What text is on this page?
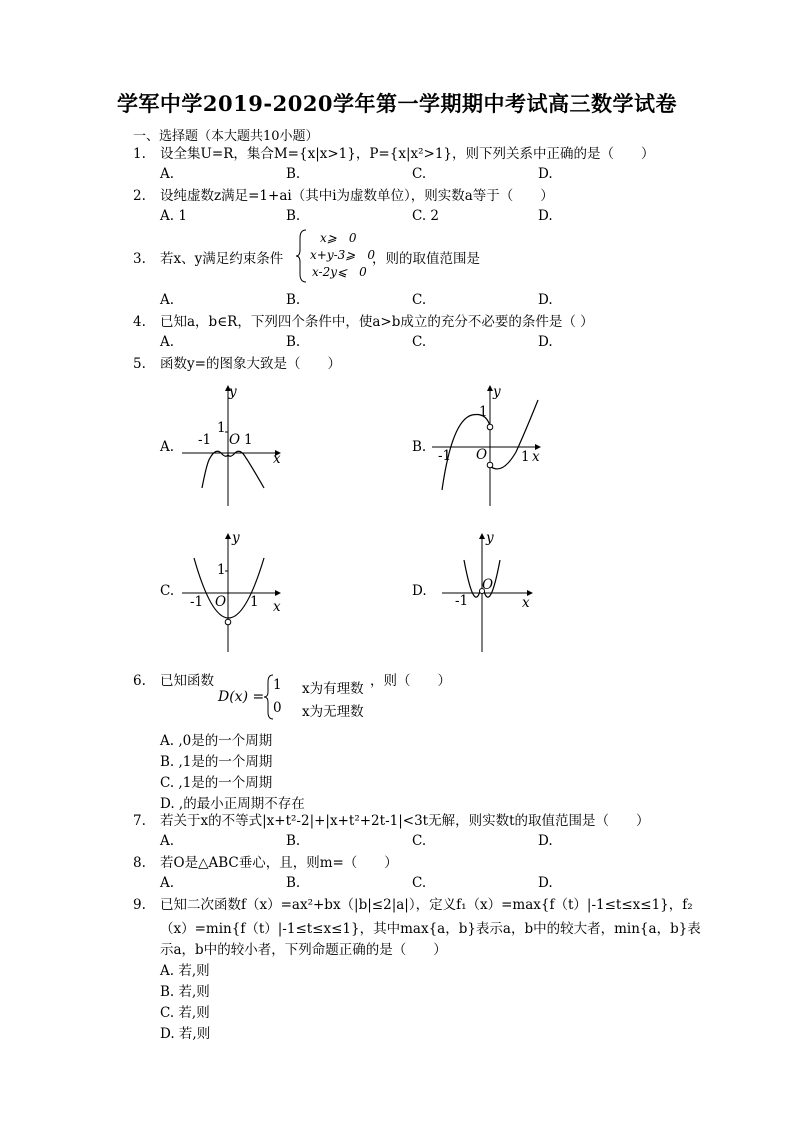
学军中学2019-2020学年第一学期期中考试高三数学试卷
一、选择题（本大题共10小题）
1. 设全集U=R，集合M={x|x>1}，P={x|x²>1}，则下列关系中正确的是（　　）
A.	B.	C.	D.
2. 设纯虚数z满足=1+ai（其中i为虚数单位），则实数a等于（　　）
A. 1	B.	C. 2	D.
3. 若x、y满足约束条件
x⩾　0
x+y-3⩾　0
x-2y⩽　0
，则的取值范围是
A.	B.	C.	D.
4. 已知a，b∈R，下列四个条件中，使a>b成立的充分不必要的条件是（ ）
A.	B.	C.	D.
5. 函数y=的图象大致是（　　）
A.
y
x
1
-1 O 1	B.
y
x
1
-1 O	1
C.
y
x
1
-1 O 1
D.
y
x
-1
O
6. 已知函数
D(x) =
1 x为有理数
0 x为无理数
，则（　　）
A. ,0是的一个周期
B. ,1是的一个周期
C. ,1是的一个周期
D. ,的最小正周期不存在
7. 若关于x的不等式|x+t²-2|+|x+t²+2t-1|<3t无解，则实数t的取值范围是（　　）
A.	B.	C.	D.
8. 若O是△ABC垂心，且，则m=（　　）
A.	B.	C.	D.
9. 已知二次函数f（x）=ax²+bx（|b|≤2|a|），定义f₁（x）=max{f（t）|-1≤t≤x≤1}，f₂
（x）=min{f（t）|-1≤t≤x≤1}，其中max{a，b}表示a，b中的较大者，min{a，b}表
示a，b中的较小者，下列命题正确的是（　　）
A. 若,则
B. 若,则
C. 若,则
D. 若,则
